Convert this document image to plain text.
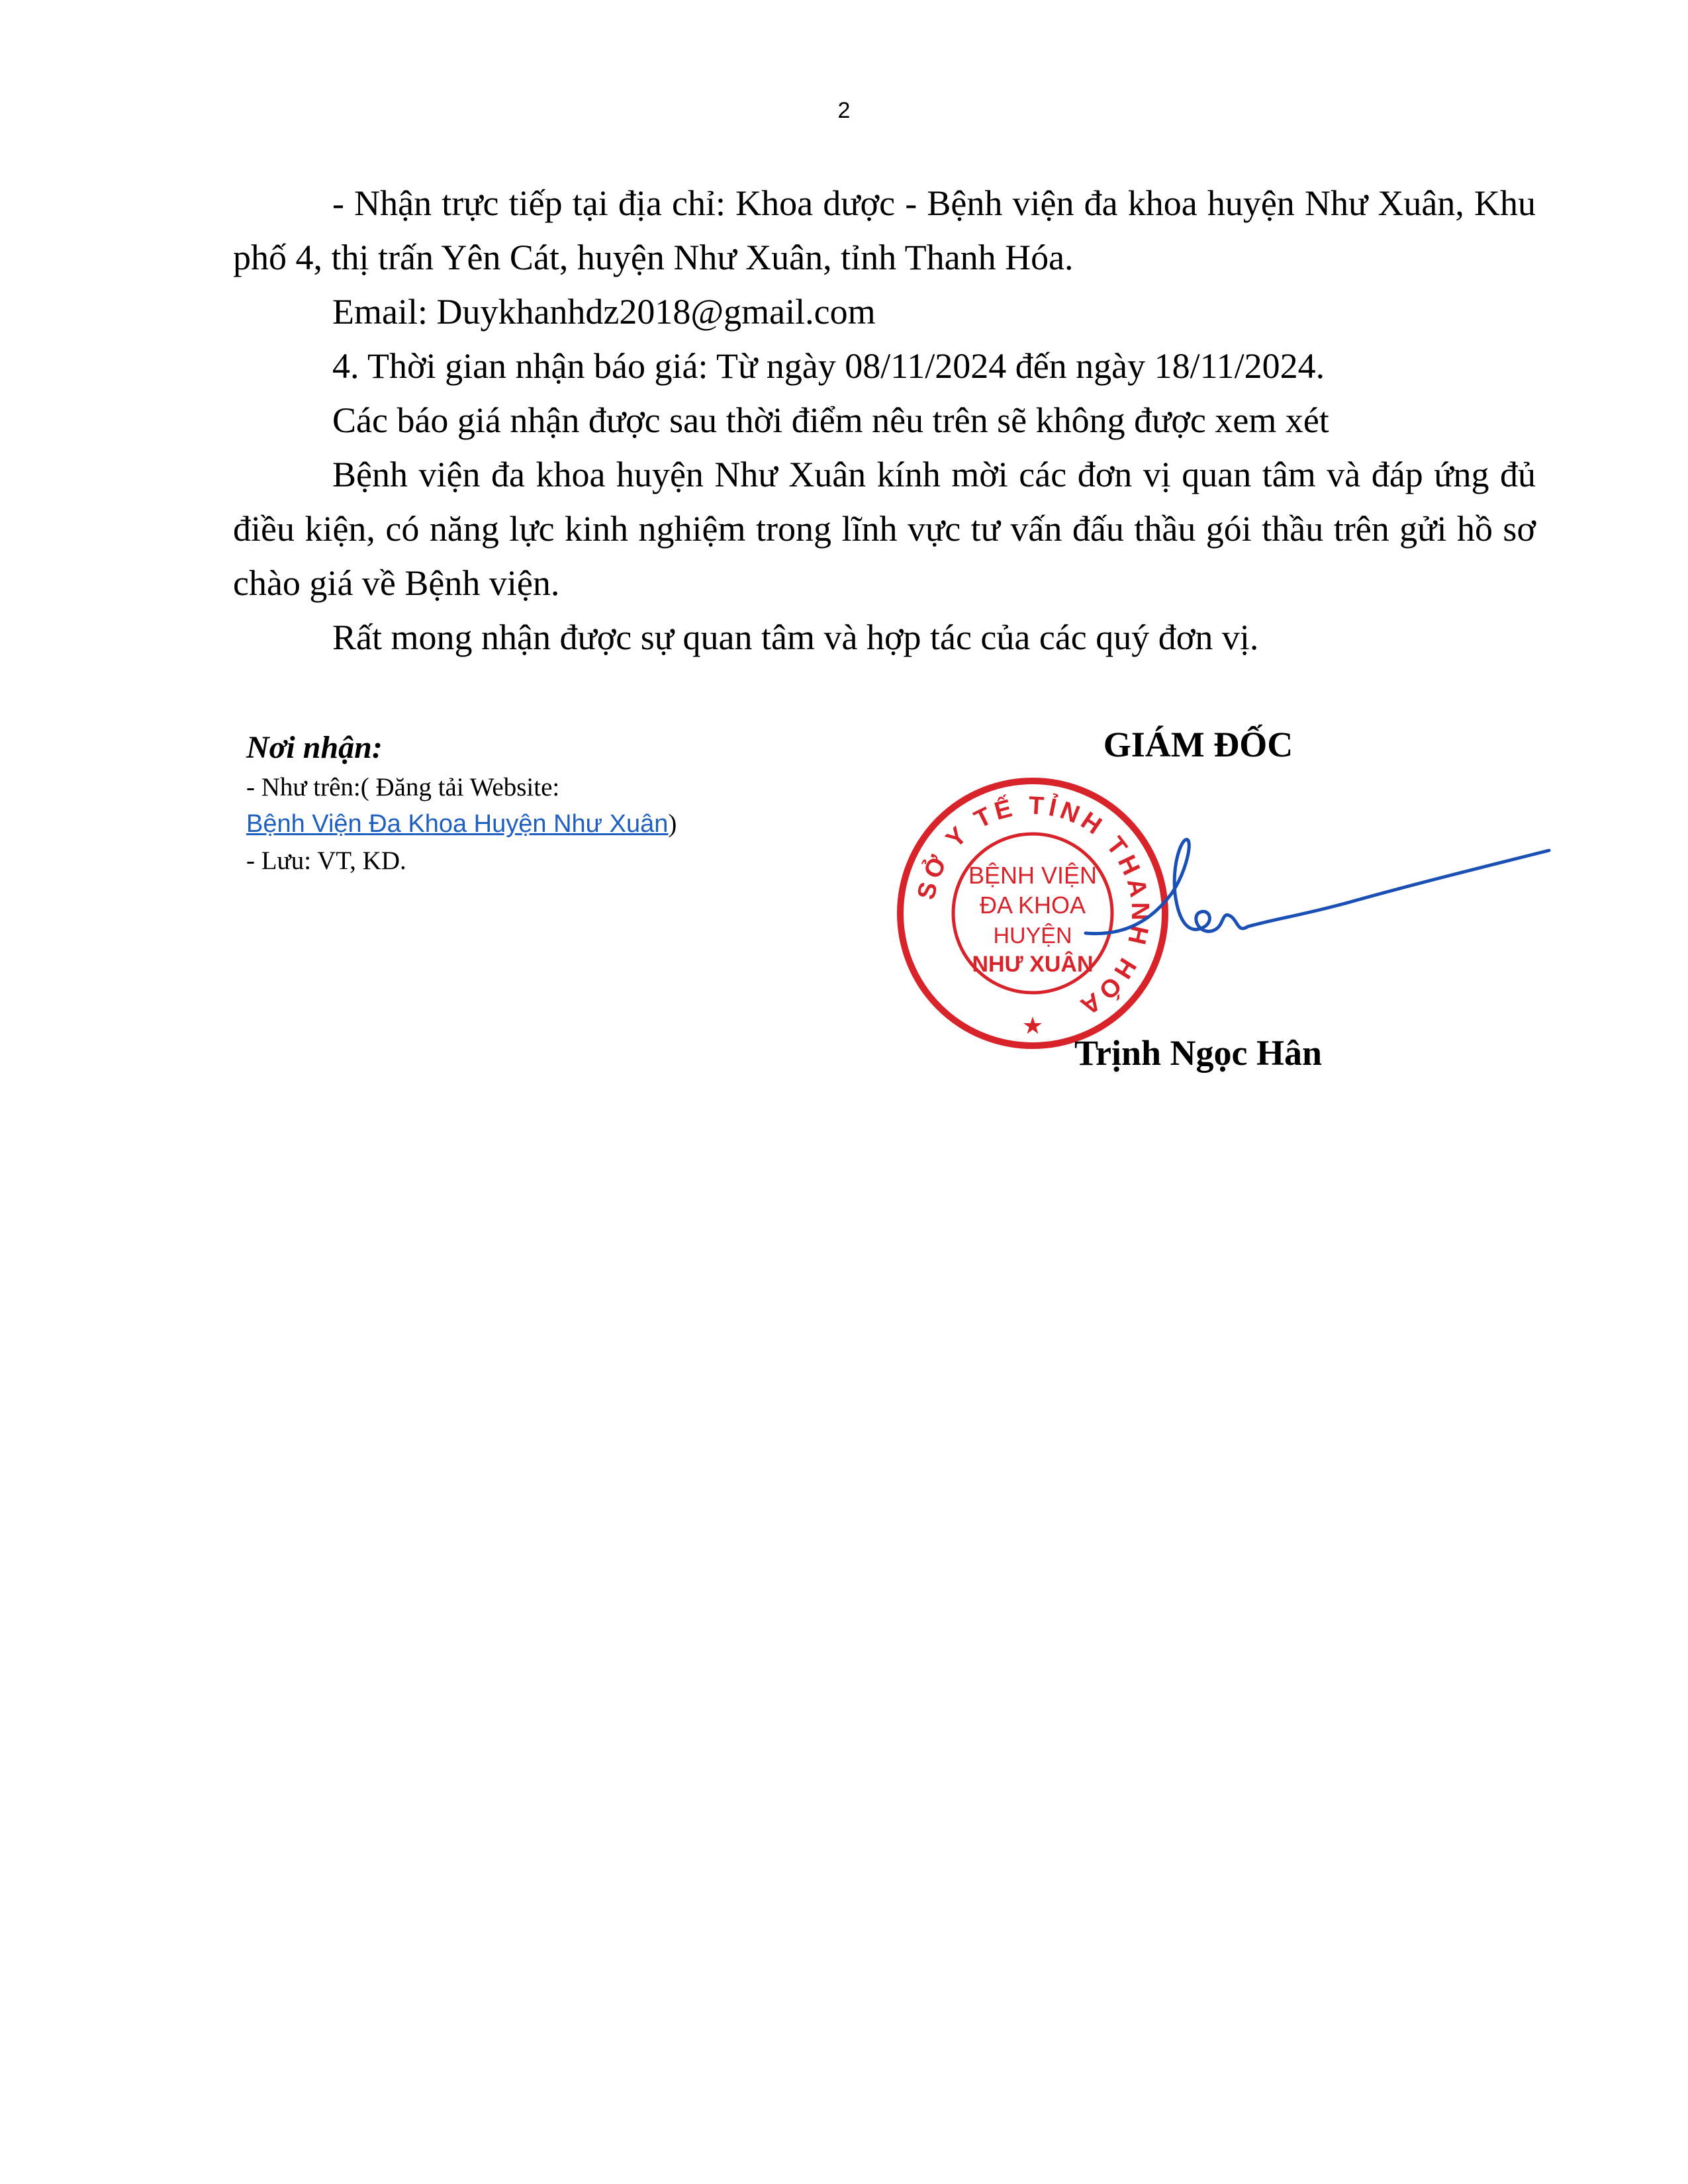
2

- Nhận trực tiếp tại địa chỉ: Khoa dược - Bệnh viện đa khoa huyện Như Xuân, Khu phố 4, thị trấn Yên Cát, huyện Như Xuân, tỉnh Thanh Hóa.

Email: Duykhanhdz2018@gmail.com

4. Thời gian nhận báo giá: Từ ngày 08/11/2024 đến ngày 18/11/2024.

Các báo giá nhận được sau thời điểm nêu trên sẽ không được xem xét

Bệnh viện đa khoa huyện Như Xuân kính mời các đơn vị quan tâm và đáp ứng đủ điều kiện, có năng lực kinh nghiệm trong lĩnh vực tư vấn đấu thầu gói thầu trên gửi hồ sơ chào giá về Bệnh viện.

Rất mong nhận được sự quan tâm và hợp tác của các quý đơn vị.

Nơi nhận:
- Như trên:( Đăng tải Website:
Bệnh Viện Đa Khoa Huyện Như Xuân)
- Lưu: VT, KD.
GIÁM ĐỐC
SỞ Y TẾ TỈNH THANH HÓA
BỆNH VIỆN
ĐA KHOA
HUYỆN
NHƯ XUÂN
★
Trịnh Ngọc Hân
